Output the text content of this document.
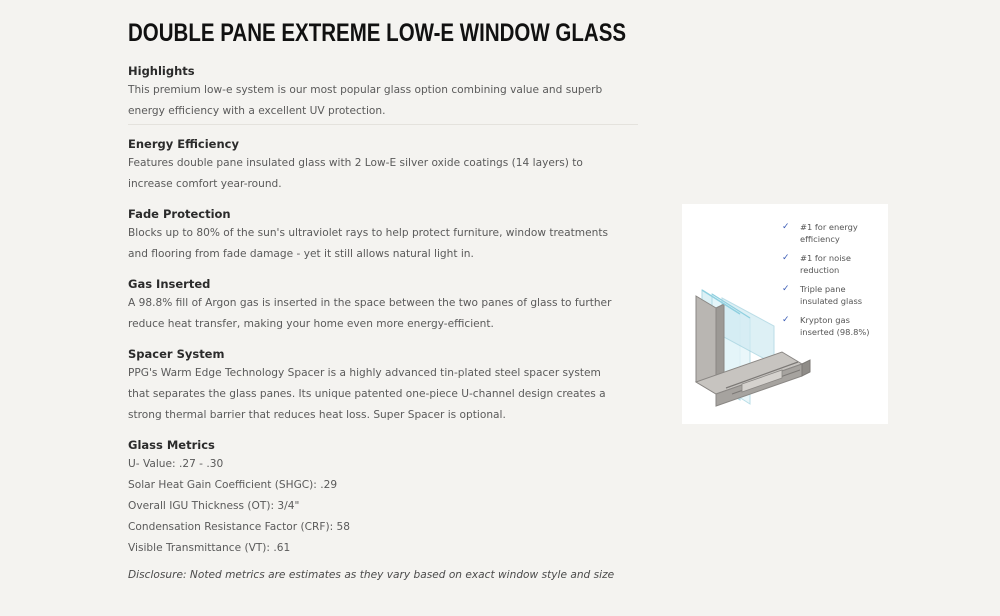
DOUBLE PANE EXTREME LOW-E WINDOW GLASS
Highlights

This premium low-e system is our most popular glass option combining value and superb

energy efficiency with a excellent UV protection.

Energy Efficiency

Features double pane insulated glass with 2 Low-E silver oxide coatings (14 layers) to

increase comfort year-round.

Fade Protection

Blocks up to 80% of the sun's ultraviolet rays to help protect furniture, window treatments

and flooring from fade damage - yet it still allows natural light in.

Gas Inserted

A 98.8% fill of Argon gas is inserted in the space between the two panes of glass to further

reduce heat transfer, making your home even more energy-efficient.

Spacer System

PPG's Warm Edge Technology Spacer is a highly advanced tin-plated steel spacer system

that separates the glass panes. Its unique patented one-piece U-channel design creates a

strong thermal barrier that reduces heat loss. Super Spacer is optional.

Glass Metrics
U- Value: .27 - .30
Solar Heat Gain Coefficient (SHGC): .29
Overall IGU Thickness (OT): 3/4"
Condensation Resistance Factor (CRF): 58
Visible Transmittance (VT): .61
Disclosure: Noted metrics are estimates as they vary based on exact window style and size
✓ #1 for energy
efficiency
✓ #1 for noise
reduction
✓ Triple pane
insulated glass
✓ Krypton gas
inserted (98.8%)
